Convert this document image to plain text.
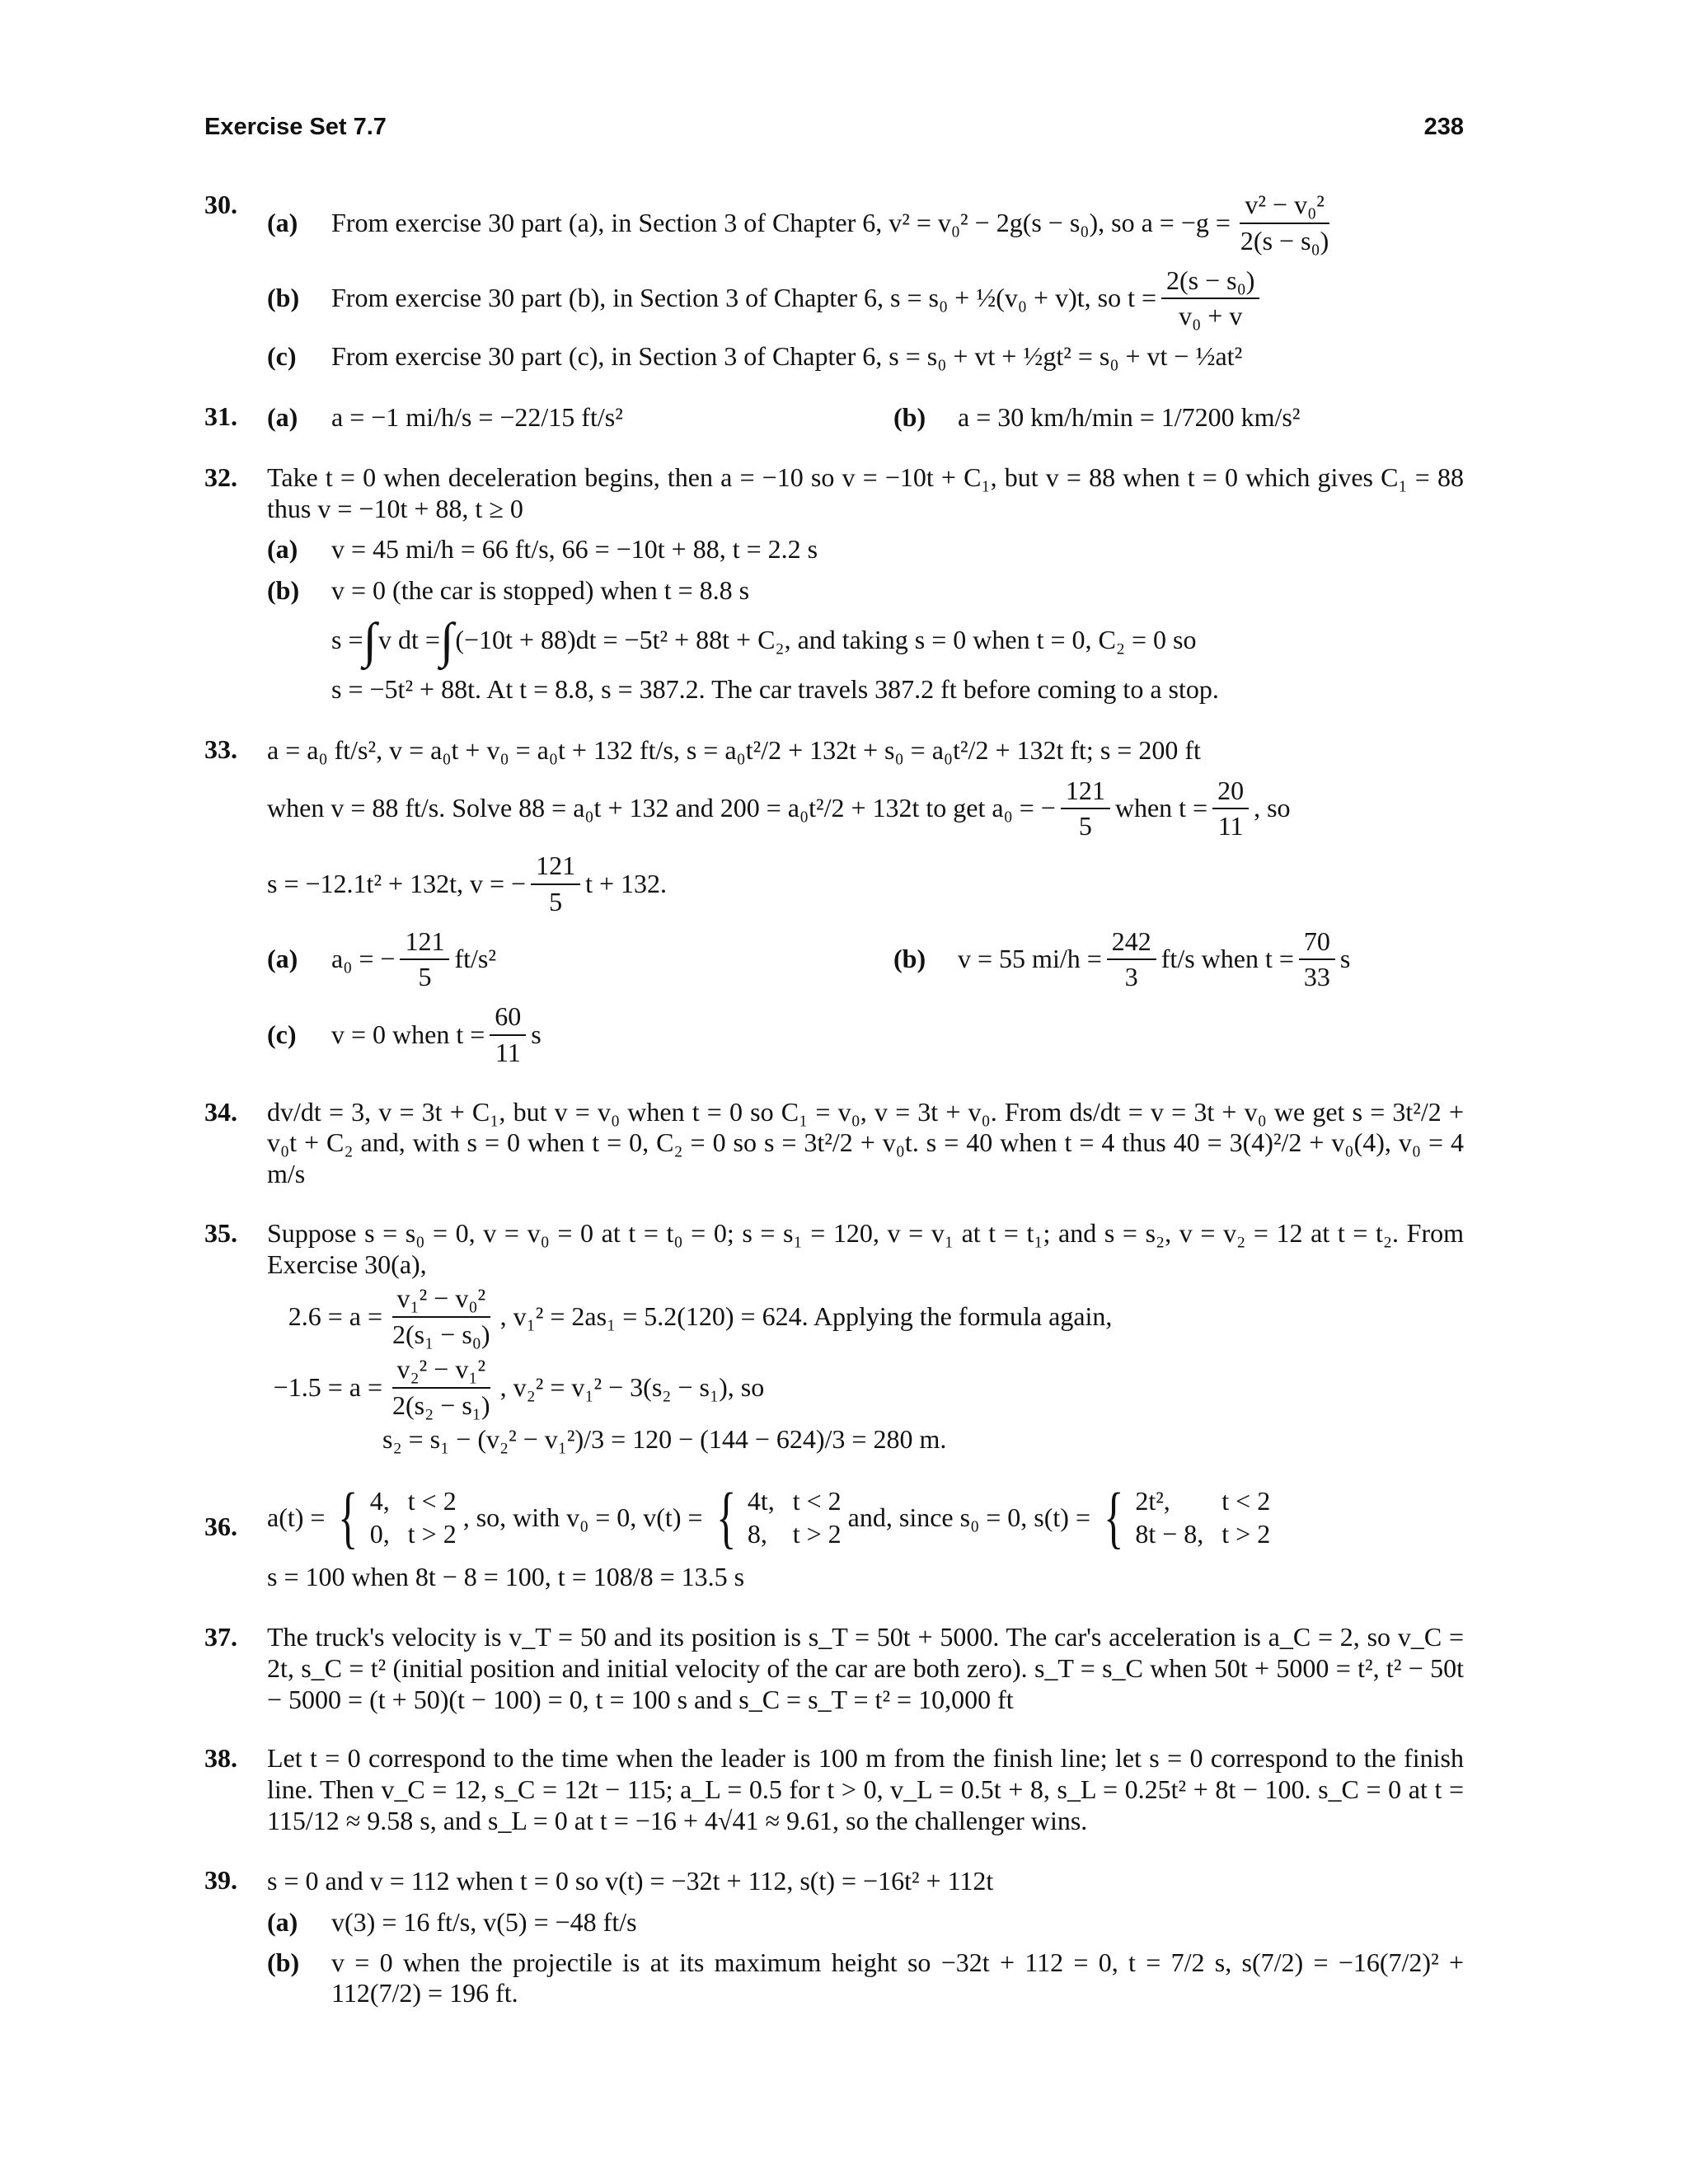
Exercise Set 7.7	238
30.
(a)	From exercise 30 part (a), in Section 3 of Chapter 6, v² = v₀² − 2g(s − s₀), so $a = -g = \frac{\text{v² − v₀²}}{\text{2(s − s₀)}}$
(b)	From exercise 30 part (b), in Section 3 of Chapter 6, s = s₀ + ½(v₀ + v)t, so $t = \frac{\text{2(s − s₀)}}{\text{v₀ + v}}$
(c)	From exercise 30 part (c), in Section 3 of Chapter 6, s = s₀ + vt + ½gt² = s₀ + vt − ½at²
31. (a)	a = −1 mi/h/s = −22/15 ft/s²	(b)	a = 30 km/h/min = 1/7200 km/s²
32. Take t = 0 when deceleration begins, then a = −10 so v = −10t + C₁, but v = 88 when t = 0 which gives C₁ = 88 thus v = −10t + 88, t ≥ 0
(a)	v = 45 mi/h = 66 ft/s, 66 = −10t + 88, t = 2.2 s
(b)	v = 0 (the car is stopped) when t = 8.8 s
s = ∫ v dt = ∫ (−10t + 88)dt = −5t² + 88t + C₂, and taking s = 0 when t = 0, C₂ = 0 so
s = −5t² + 88t. At t = 8.8, s = 387.2. The car travels 387.2 ft before coming to a stop.
33. a = a₀ ft/s², v = a₀t + v₀ = a₀t + 132 ft/s, s = a₀t²/2 + 132t + s₀ = a₀t²/2 + 132t ft; s = 200 ft
when v = 88 ft/s. Solve 88 = a₀t + 132 and 200 = a₀t²/2 + 132t to get a₀ = − $\frac{121}{5}$ when $t = \frac{20}{11}$ , so
s = −12.1t² + 132t, v = − $\frac{121}{5}$ t + 132.
(a)	a₀ = − $\frac{121}{5} ft/s^2$	(b)	v = 55 $mi/h = \frac{242}{3} ft/s$ when $t = \frac{70}{33}$ s
(c)	v = 0 when $t = \frac{60}{11}$ s
34. dv/dt = 3, v = 3t + C₁, but v = v₀ when t = 0 so C₁ = v₀, v = 3t + v₀. From ds/dt = v = 3t + v₀ we get s = 3t²/2 + v₀t + C₂ and, with s = 0 when t = 0, C₂ = 0 so s = 3t²/2 + v₀t. s = 40 when t = 4 thus 40 = 3(4)²/2 + v₀(4), v₀ = 4 m/s
35. Suppose s = s₀ = 0, v = v₀ = 0 at t = t₀ = 0; s = s₁ = 120, v = v₁ at t = t₁; and s = s₂, v = v₂ = 12 at t = t₂. From Exercise 30(a),
$2.6 = a = \frac{\text{v₁² − v₀²}}{\text{2(s₁ − s₀)}}$ , v₁² = 2as₁ = 5.2(120) = 624. Applying the formula again,
$-1.5 = a = \frac{\text{v₂² − v₁²}}{\text{2(s₂ − s₁)}}$ , v₂² = v₁² − 3(s₂ − s₁), so
s₂ = s₁ − (v₂² − v₁²)/3 = 120 − (144 − 624)/3 = 280 m.
36. a(t) = { 4, t < 2
0, t > 2
, so, with v₀ = 0, v(t) = { 4t, t < 2
8, t > 2
and, since s₀ = 0, s(t) = { 2t²,	t < 2
8t − 8, t > 2
s = 100 when 8t − 8 = 100, t = 108/8 = 13.5 s
37. The truck's velocity is v_T = 50 and its position is s_T = 50t + 5000. The car's acceleration is a_C = 2, so v_C = 2t, s_C = t² (initial position and initial velocity of the car are both zero). s_T = s_C when 50t + 5000 = t², t² − 50t − 5000 = (t + 50)(t − 100) = 0, t = 100 s and s_C = s_T = t² = 10,000 ft
38. Let t = 0 correspond to the time when the leader is 100 m from the finish line; let s = 0 correspond to the finish line. Then v_C = 12, s_C = 12t − 115; a_L = 0.5 for t > 0, v_L = 0.5t + 8, s_L = 0.25t² + 8t − 100. s_C = 0 at t = 115/12 ≈ 9.58 s, and s_L = 0 at t = −16 + 4√41 ≈ 9.61, so the challenger wins.
39. s = 0 and v = 112 when t = 0 so v(t) = −32t + 112, s(t) = −16t² + 112t
(a)	v(3) = 16 ft/s, v(5) = −48 ft/s
(b)	v = 0 when the projectile is at its maximum height so −32t + 112 = 0, t = 7/2 s, s(7/2) = −16(7/2)² + 112(7/2) = 196 ft.
